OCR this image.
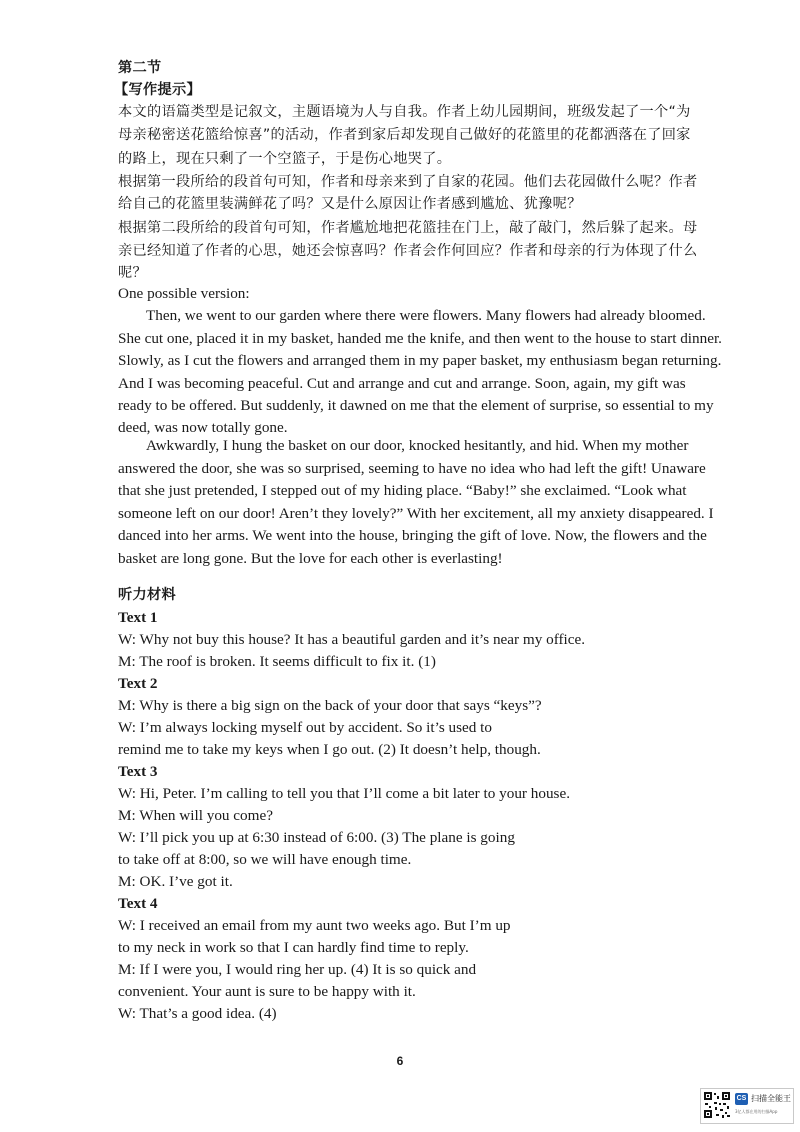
第二节
【写作提示】
本文的语篇类型是记叙文，主题语境为人与自我。作者上幼儿园期间，班级发起了一个“为
母亲秘密送花篮给惊喜”的活动，作者到家后却发现自己做好的花篮里的花都洒落在了回家
的路上，现在只剩了一个空篮子，于是伤心地哭了。
根据第一段所给的段首句可知，作者和母亲来到了自家的花园。他们去花园做什么呢？作者
给自己的花篮里装满鲜花了吗？又是什么原因让作者感到尴尬、犹豫呢？
根据第二段所给的段首句可知，作者尴尬地把花篮挂在门上，敲了敲门，然后躲了起来。母
亲已经知道了作者的心思，她还会惊喜吗？作者会作何回应？作者和母亲的行为体现了什么
呢？
One possible version:
Then, we went to our garden where there were flowers. Many flowers had already bloomed.
She cut one, placed it in my basket, handed me the knife, and then went to the house to start dinner.
Slowly, as I cut the flowers and arranged them in my paper basket, my enthusiasm began returning.
And I was becoming peaceful. Cut and arrange and cut and arrange. Soon, again, my gift was
ready to be offered. But suddenly, it dawned on me that the element of surprise, so essential to my
deed, was now totally gone.
Awkwardly, I hung the basket on our door, knocked hesitantly, and hid. When my mother
answered the door, she was so surprised, seeming to have no idea who had left the gift! Unaware
that she just pretended, I stepped out of my hiding place. “Baby!” she exclaimed. “Look what
someone left on our door! Aren’t they lovely?” With her excitement, all my anxiety disappeared. I
danced into her arms. We went into the house, bringing the gift of love. Now, the flowers and the
basket are long gone. But the love for each other is everlasting!
听力材料
Text 1
W: Why not buy this house? It has a beautiful garden and it’s near my office.
M: The roof is broken. It seems difficult to fix it. (1)
Text 2
M: Why is there a big sign on the back of your door that says “keys”?
W: I’m always locking myself out by accident. So it’s used to
remind me to take my keys when I go out. (2) It doesn’t help, though.
Text 3
W: Hi, Peter. I’m calling to tell you that I’ll come a bit later to your house.
M: When will you come?
W: I’ll pick you up at 6:30 instead of 6:00. (3) The plane is going
to take off at 8:00, so we will have enough time.
M: OK. I’ve got it.
Text 4
W: I received an email from my aunt two weeks ago. But I’m up
to my neck in work so that I can hardly find time to reply.
M: If I were you, I would ring her up. (4) It is so quick and
convenient. Your aunt is sure to be happy with it.
W: That’s a good idea. (4)
6
CS 扫描全能王
3亿人都在用的扫描App
